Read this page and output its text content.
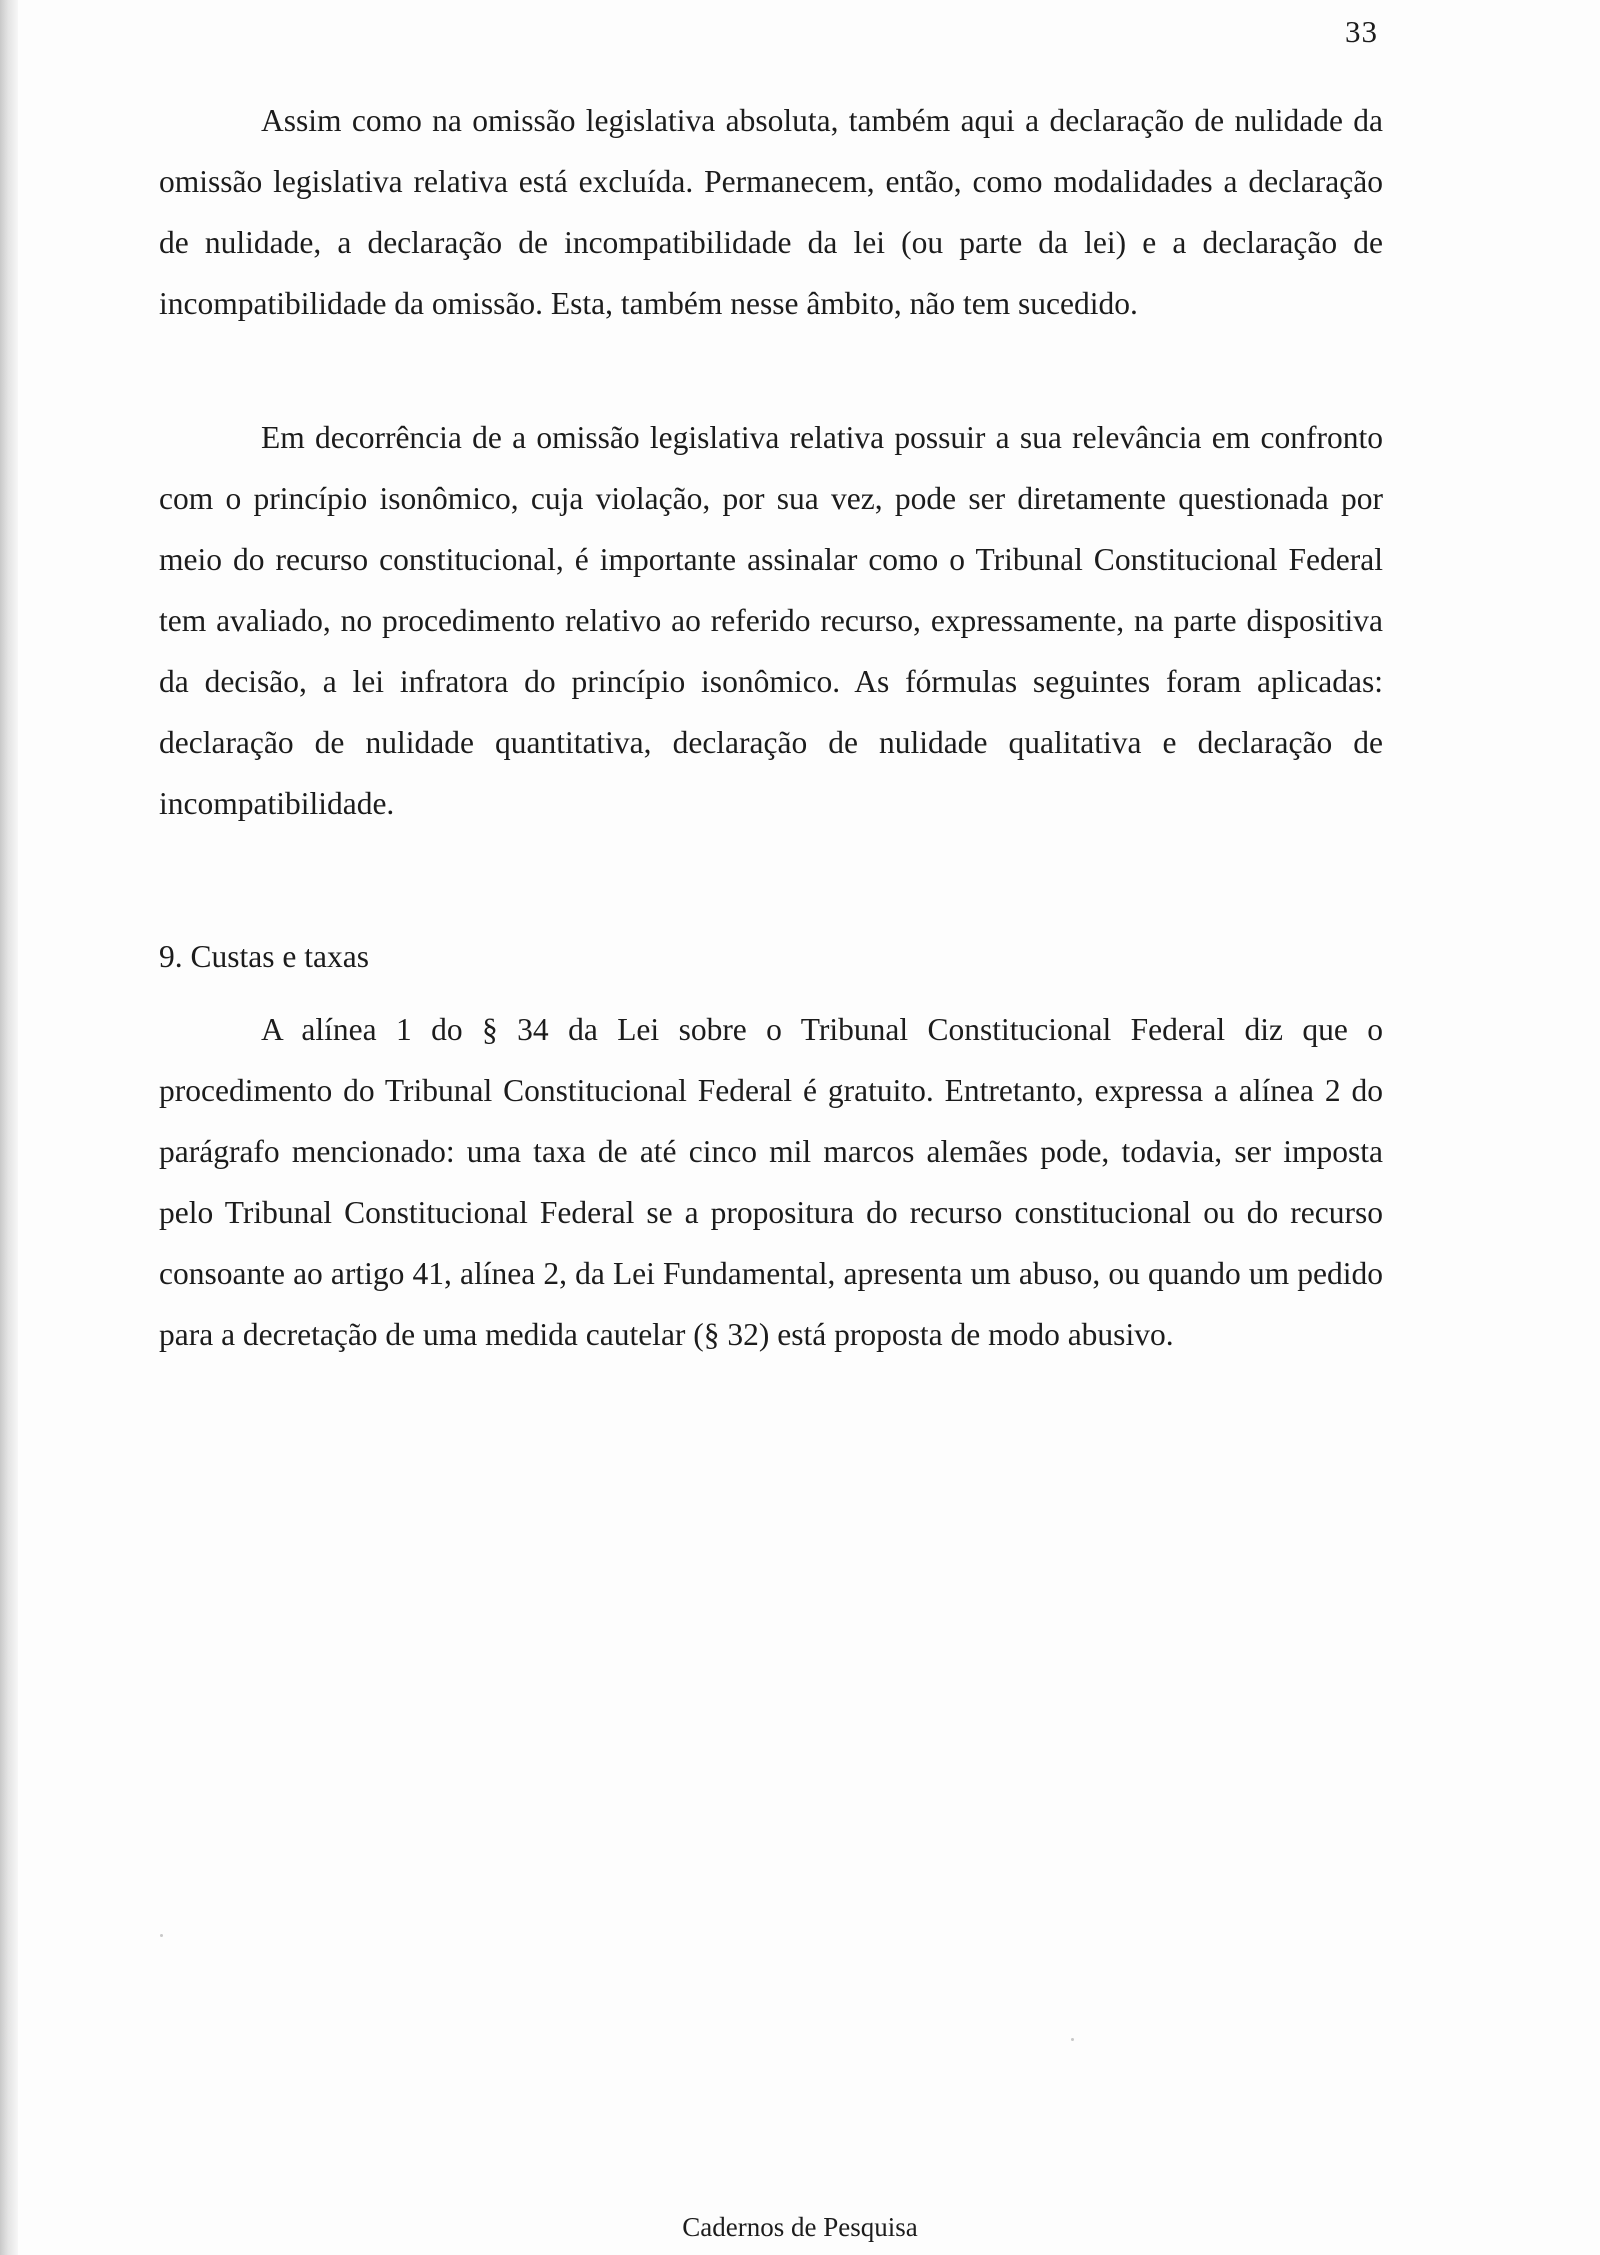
33

Assim como na omissão legislativa absoluta, também aqui a declaração de nulidade da omissão legislativa relativa está excluída. Permanecem, então, como modalidades a declaração de nulidade, a declaração de incompatibilidade da lei (ou parte da lei) e a declaração de incompatibilidade da omissão. Esta, também nesse âmbito, não tem sucedido.

Em decorrência de a omissão legislativa relativa possuir a sua relevância em confronto com o princípio isonômico, cuja violação, por sua vez, pode ser diretamente questionada por meio do recurso constitucional, é importante assinalar como o Tribunal Constitucional Federal tem avaliado, no procedimento relativo ao referido recurso, expressamente, na parte dispositiva da decisão, a lei infratora do princípio isonômico. As fórmulas seguintes foram aplicadas: declaração de nulidade quantitativa, declaração de nulidade qualitativa e declaração de incompatibilidade.

9. Custas e taxas

A alínea 1 do § 34 da Lei sobre o Tribunal Constitucional Federal diz que o procedimento do Tribunal Constitucional Federal é gratuito. Entretanto, expressa a alínea 2 do parágrafo mencionado: uma taxa de até cinco mil marcos alemães pode, todavia, ser imposta pelo Tribunal Constitucional Federal se a propositura do recurso constitucional ou do recurso consoante ao artigo 41, alínea 2, da Lei Fundamental, apresenta um abuso, ou quando um pedido para a decretação de uma medida cautelar (§ 32) está proposta de modo abusivo.

Cadernos de Pesquisa
